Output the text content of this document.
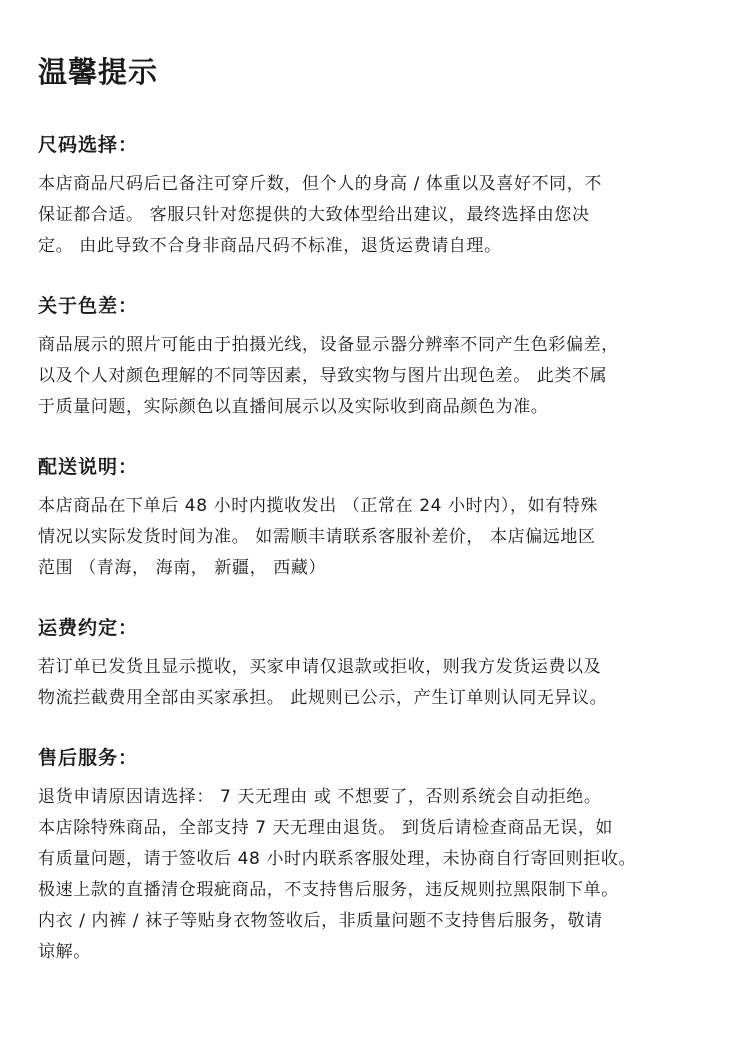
温馨提示
尺码选择：
本店商品尺码后已备注可穿斤数，但个人的身高 / 体重以及喜好不同，不
保证都合适。 客服只针对您提供的大致体型给出建议，最终选择由您决
定。 由此导致不合身非商品尺码不标准，退货运费请自理。
关于色差：
商品展示的照片可能由于拍摄光线，设备显示器分辨率不同产生色彩偏差，
以及个人对颜色理解的不同等因素，导致实物与图片出现色差。 此类不属
于质量问题，实际颜色以直播间展示以及实际收到商品颜色为准。
配送说明：
本店商品在下单后 48 小时内揽收发出 （正常在 24 小时内），如有特殊
情况以实际发货时间为准。 如需顺丰请联系客服补差价， 本店偏远地区
范围 （青海， 海南， 新疆， 西藏）
运费约定：
若订单已发货且显示揽收，买家申请仅退款或拒收，则我方发货运费以及
物流拦截费用全部由买家承担。 此规则已公示，产生订单则认同无异议。
售后服务：
退货申请原因请选择： 7 天无理由 或 不想要了，否则系统会自动拒绝。
本店除特殊商品，全部支持 7 天无理由退货。 到货后请检查商品无误，如
有质量问题，请于签收后 48 小时内联系客服处理，未协商自行寄回则拒收。
极速上款的直播清仓瑕疵商品，不支持售后服务，违反规则拉黑限制下单。
内衣 / 内裤 / 袜子等贴身衣物签收后，非质量问题不支持售后服务，敬请
谅解。
